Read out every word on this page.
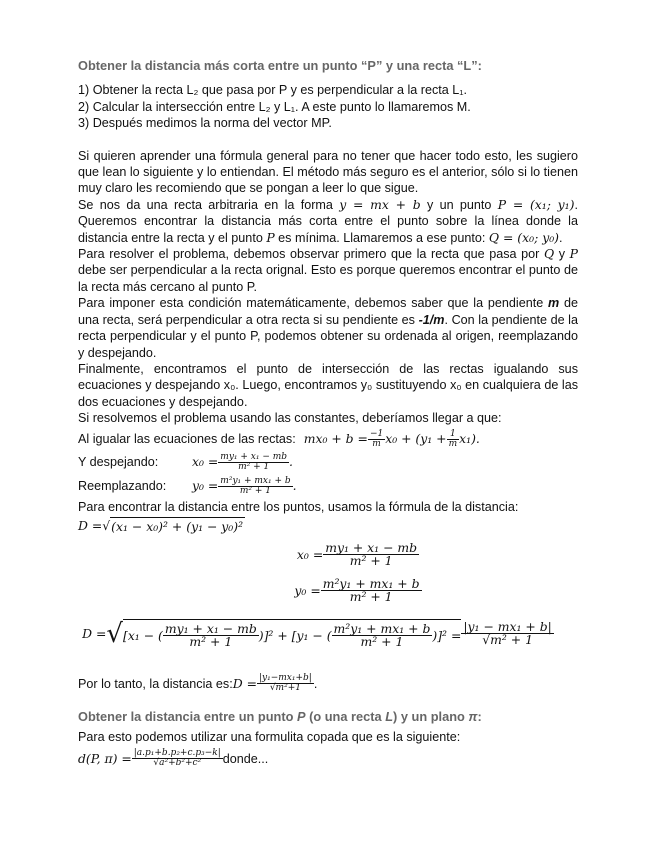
Obtener la distancia más corta entre un punto “P” y una recta “L”:
1) Obtener la recta L₂ que pasa por P y es perpendicular a la recta L₁.
2) Calcular la intersección entre L₂ y L₁. A este punto lo llamaremos M.
3) Después medimos la norma del vector MP.

Si quieren aprender una fórmula general para no tener que hacer todo esto, les sugiero que lean lo siguiente y lo entiendan. El método más seguro es el anterior, sólo si lo tienen muy claro les recomiendo que se pongan a leer lo que sigue.

Se nos da una recta arbitraria en la forma y = mx + b y un punto P = (x₁; y₁). Queremos encontrar la distancia más corta entre el punto sobre la línea donde la distancia entre la recta y el punto P es mínima. Llamaremos a ese punto: Q = (x₀; y₀).

Para resolver el problema, debemos observar primero que la recta que pasa por Q y P debe ser perpendicular a la recta orignal. Esto es porque queremos encontrar el punto de la recta más cercano al punto P.

Para imponer esta condición matemáticamente, debemos saber que la pendiente m de una recta, será perpendicular a otra recta si su pendiente es -1/m. Con la pendiente de la recta perpendicular y el punto P, podemos obtener su ordenada al origen, reemplazando y despejando.

Finalmente, encontramos el punto de intersección de las rectas igualando sus ecuaciones y despejando x₀. Luego, encontramos y₀ sustituyendo x₀ en cualquiera de las dos ecuaciones y despejando.

Si resolvemos el problema usando las constantes, deberíamos llegar a que:
Al igualar las ecuaciones de las rectas: $mx_0 + b = \frac{-1}{m} x_0 + (y_1 + \frac{1}{m} x_1)$.
Y despejando:	$x_0 = \frac{\text{my₁ + x₁ − mb}}{\text{m² + 1}}$ .
Reemplazando:	$y_0 = \frac{\text{m²y₁ + mx₁ + b}}{\text{m² + 1}}$ .
Para encontrar la distancia entre los puntos, usamos la fórmula de la distancia:
D = √ (x₁ − x₀)² + (y₁ − y₀)²
$x_0 = \frac{\text{my₁ + x₁ − mb}}{\text{m² + 1}}$
$y_0 = \frac{\text{m²y₁ + mx₁ + b}}{\text{m² + 1}}$
D = √ [x₁ − ( $\frac{\text{my₁ + x₁ − mb}}{\text{m² + 1}} )]^2 + [y_1$ − ( $\frac{\text{m²y₁ + mx₁ + b}}{\text{m² + 1}} )]^2 = \frac{\text{|y₁ − mx₁ + b|}}{\text{√m² + 1}}$
Por lo tanto, la distancia es: $D = \frac{\text{|y₁−mx₁+b|}}{\text{√m²+1}}$ .
Obtener la distancia entre un punto P (o una recta L) y un plano π:
Para esto podemos utilizar una formulita copada que es la siguiente:
d(P, $\pi) = \frac{\text{|a.p₁+b.p₂+c.p₃−k|}}{\text{√a²+b²+c²}}$ donde...
